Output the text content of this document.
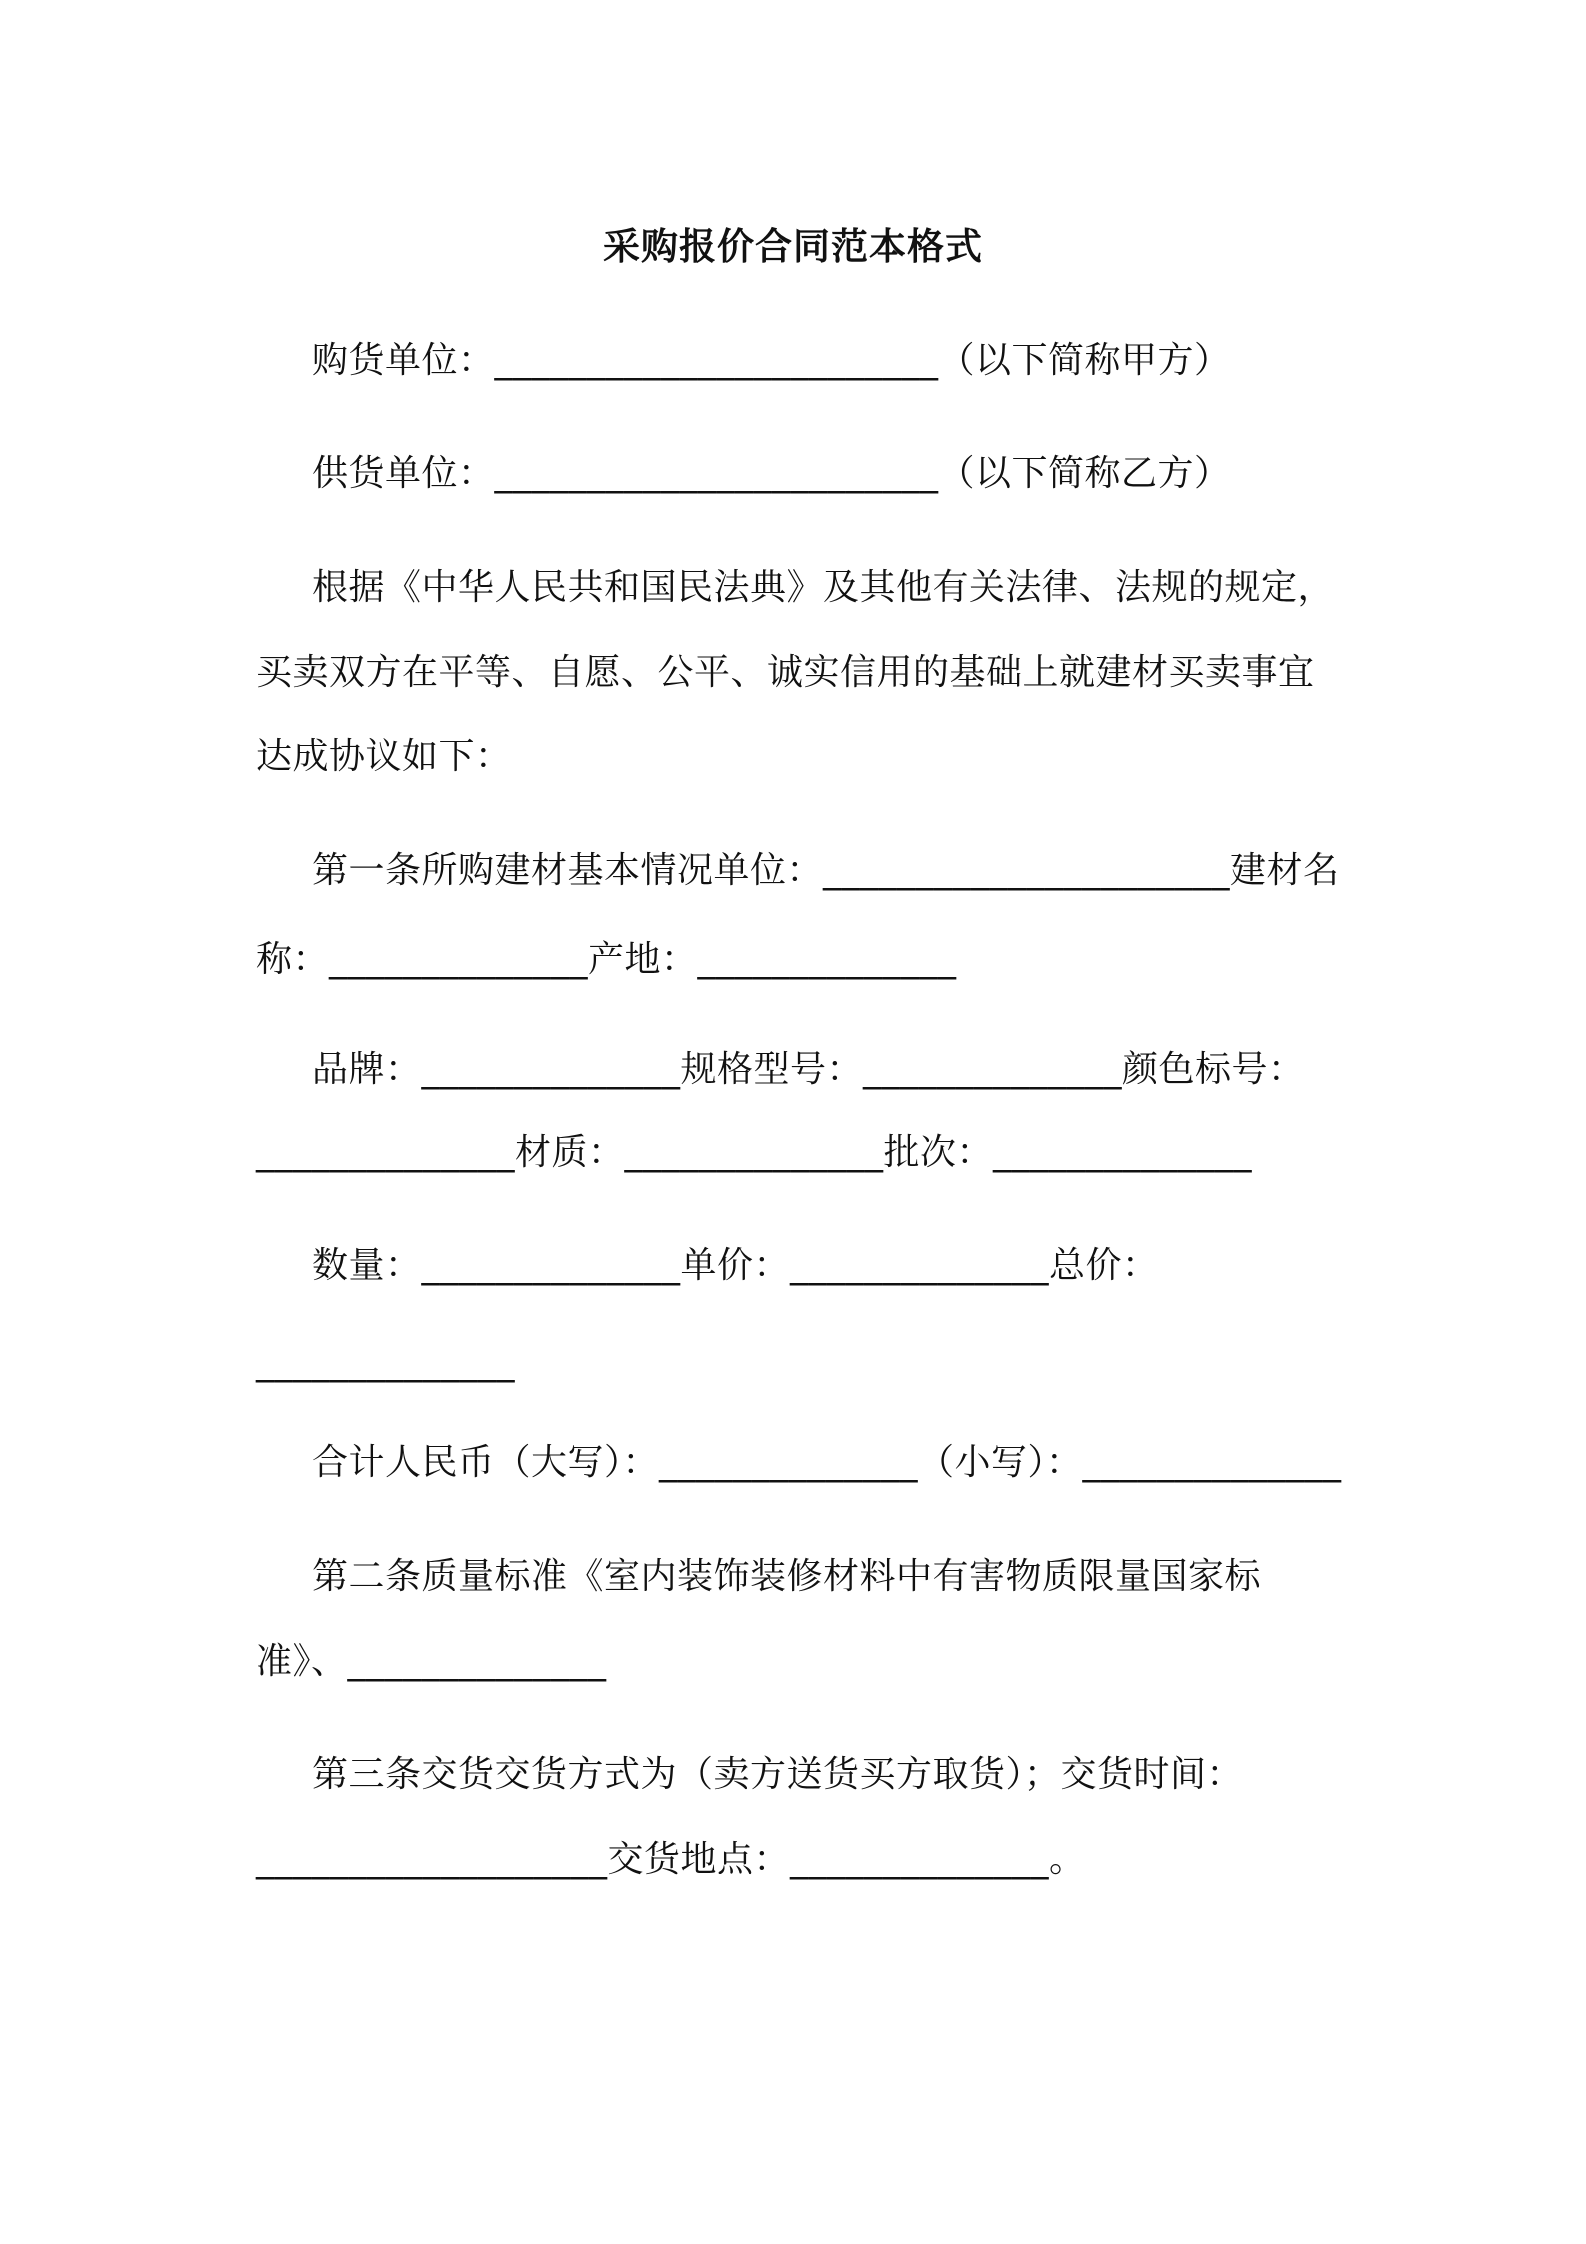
采购报价合同范本格式
购货单位：________________________（以下简称甲方）
供货单位：________________________（以下简称乙方）
根据《中华人民共和国民法典》及其他有关法律、法规的规定，
买卖双方在平等、自愿、公平、诚实信用的基础上就建材买卖事宜
达成协议如下：
第一条所购建材基本情况单位：______________________建材名
称：______________产地：______________
品牌：______________规格型号：______________颜色标号：
______________材质：______________批次：______________
数量：______________单价：______________总价：
______________
合计人民币（大写）：______________（小写）：______________
第二条质量标准《室内装饰装修材料中有害物质限量国家标
准》、______________
第三条交货交货方式为（卖方送货买方取货）；交货时间：
___________________交货地点：______________。
